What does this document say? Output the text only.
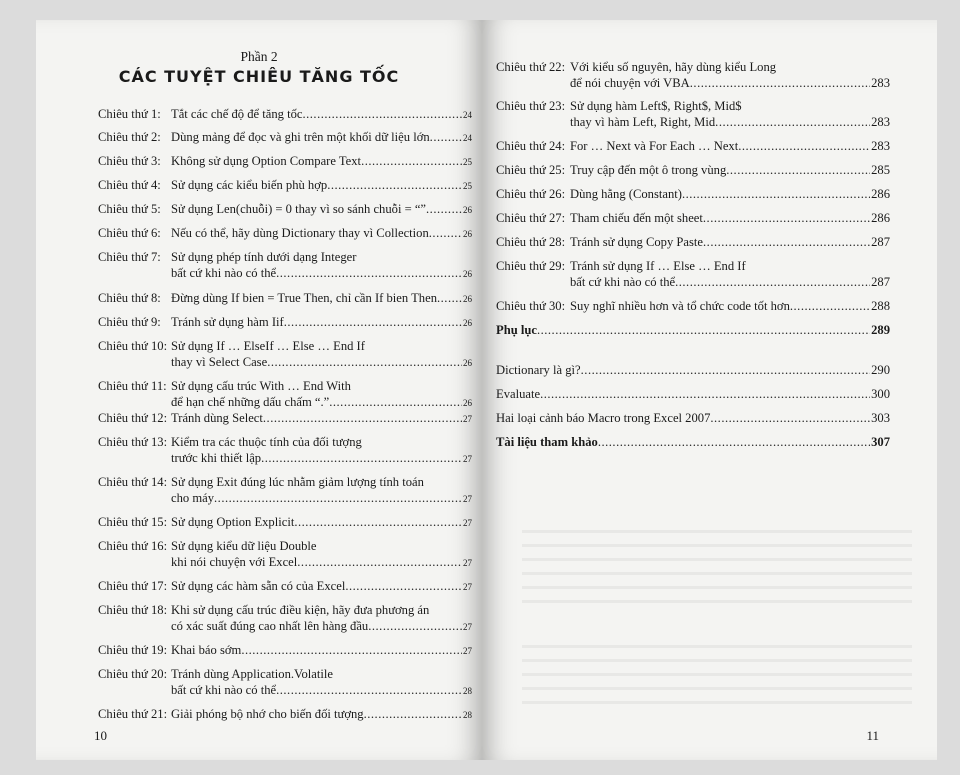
Phần 2
CÁC TUYỆT CHIÊU TĂNG TỐC
Chiêu thứ 1: Tắt các chế độ để tăng tốc .....	24
Chiêu thứ 2: Dùng mảng để đọc và ghi trên một khối dữ liệu lớn .....	24
Chiêu thứ 3: Không sử dụng Option Compare Text .....	25
Chiêu thứ 4: Sử dụng các kiểu biến phù hợp .....	25
Chiêu thứ 5: Sử dụng Len(chuỗi) = 0 thay vì so sánh chuỗi = “” .....	26
Chiêu thứ 6: Nếu có thể, hãy dùng Dictionary thay vì Collection .....	26
Chiêu thứ 7: Sử dụng phép tính dưới dạng Integer
bất cứ khi nào có thể .....	26
Chiêu thứ 8: Đừng dùng If bien = True Then, chỉ cần If bien Then .....	26
Chiêu thứ 9: Tránh sử dụng hàm Iif .....	26
Chiêu thứ 10: Sử dụng If … ElseIf … Else … End If
thay vì Select Case .....	26
Chiêu thứ 11: Sử dụng cấu trúc With … End With
để hạn chế những dấu chấm “.” .....	26
Chiêu thứ 12: Tránh dùng Select .....	27
Chiêu thứ 13: Kiểm tra các thuộc tính của đối tượng
trước khi thiết lập .....	27
Chiêu thứ 14: Sử dụng Exit đúng lúc nhằm giảm lượng tính toán
cho máy .....	27
Chiêu thứ 15: Sử dụng Option Explicit .....	27
Chiêu thứ 16: Sử dụng kiểu dữ liệu Double
khi nói chuyện với Excel .....	27
Chiêu thứ 17: Sử dụng các hàm sẵn có của Excel .....	27
Chiêu thứ 18: Khi sử dụng cấu trúc điều kiện, hãy đưa phương án
có xác suất đúng cao nhất lên hàng đầu .....	27
Chiêu thứ 19: Khai báo sớm .....	27
Chiêu thứ 20: Tránh dùng Application.Volatile
bất cứ khi nào có thể .....	28
Chiêu thứ 21: Giải phóng bộ nhớ cho biến đối tượng .....	28
10
Chiêu thứ 22: Với kiểu số nguyên, hãy dùng kiểu Long
để nói chuyện với VBA .....	283
Chiêu thứ 23: Sử dụng hàm Left$, Right$, Mid$
thay vì hàm Left, Right, Mid .....	283
Chiêu thứ 24: For … Next và For Each … Next .....	283
Chiêu thứ 25: Truy cập đến một ô trong vùng .....	285
Chiêu thứ 26: Dùng hằng (Constant) .....	286
Chiêu thứ 27: Tham chiếu đến một sheet .....	286
Chiêu thứ 28: Tránh sử dụng Copy Paste .....	287
Chiêu thứ 29: Tránh sử dụng If … Else … End If
bất cứ khi nào có thể .....	287
Chiêu thứ 30: Suy nghĩ nhiều hơn và tổ chức code tốt hơn .....	288
Phụ lục .....	289
Dictionary là gì? .....	290
Evaluate .....	300
Hai loại cảnh báo Macro trong Excel 2007 .....	303
Tài liệu tham khảo .....	307
11
